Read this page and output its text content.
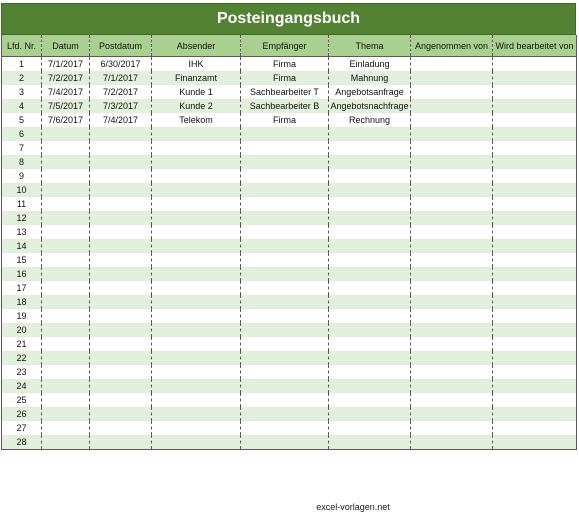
Posteingangsbuch
Lfd. Nr.	Datum	Postdatum	Absender	Empfänger	Thema	Angenommen von	Wird bearbeitet von
1	7/1/2017	6/30/2017	IHK	Firma	Einladung		
2	7/2/2017	7/1/2017	Finanzamt	Firma	Mahnung		
3	7/4/2017	7/2/2017	Kunde 1	Sachbearbeiter T	Angebotsanfrage		
4	7/5/2017	7/3/2017	Kunde 2	Sachbearbeiter B	Angebotsnachfrage		
5	7/6/2017	7/4/2017	Telekom	Firma	Rechnung		
6							
7							
8							
9							
10							
11							
12							
13							
14							
15							
16							
17							
18							
19							
20							
21							
22							
23							
24							
25							
26							
27							
28							
excel-vorlagen.net
